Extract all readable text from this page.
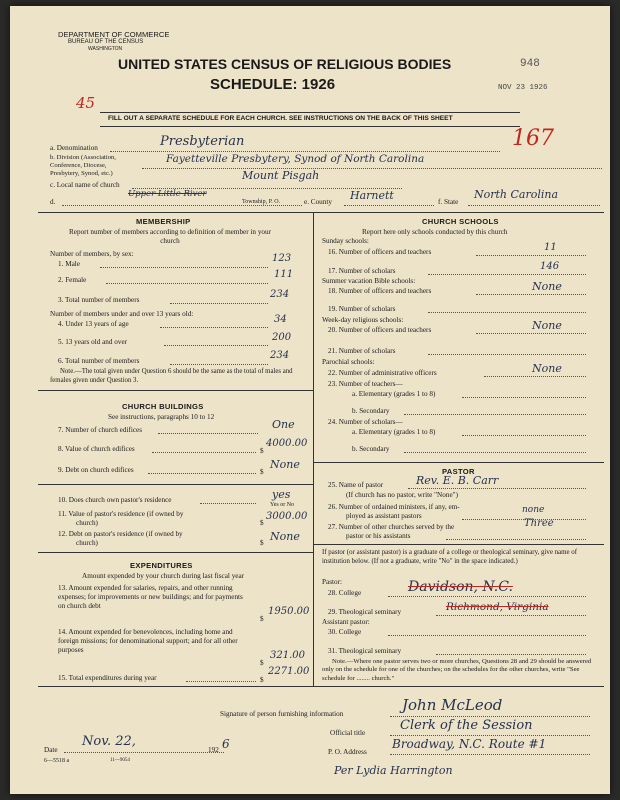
DEPARTMENT OF COMMERCE
BUREAU OF THE CENSUS
WASHINGTON
UNITED STATES CENSUS OF RELIGIOUS BODIES
SCHEDULE: 1926
948
NOV 23 1926
45
FILL OUT A SEPARATE SCHEDULE FOR EACH CHURCH. SEE INSTRUCTIONS ON THE BACK OF THIS SHEET
a. Denomination	Presbyterian	167
b. Division (Association, Conference, Diocese, Presbytery, Synod, etc.)
Fayetteville Presbytery, Synod of North Carolina
Mount Pisgah
c. Local name of church
d.
Upper Little River
Township, P. O.	e. County Harnett	f. State
North Carolina
MEMBERSHIP
Report number of members according to definition of member in your church
Number of members, by sex:
1. Male	123
2. Female	111
3. Total number of members	234
Number of members under and over 13 years old:
4. Under 13 years of age	34
5. 13 years old and over	200
6. Total number of members	234
Note.—The total given under Question 6 should be the same as the total of males and females given under Question 3.
CHURCH BUILDINGS
See instructions, paragraphs 10 to 12
7. Number of church edifices	One
8. Value of church edifices	$
4000.00
9. Debt on church edifices	$
None
10. Does church own pastor's residence	yes
Yes or No
11. Value of pastor's residence (if owned by
church)	$
3000.00
12. Debt on pastor's residence (if owned by
church)	$ None
EXPENDITURES
Amount expended by your church during last fiscal year
13. Amount expended for salaries, repairs, and other running expenses; for improvements or new buildings; and for payments on church debt
$
1950.00
14. Amount expended for benevolences, including home and foreign missions; for denominational support; and for all other purposes
$
321.00
15. Total expenditures during year	$
2271.00
CHURCH SCHOOLS
Report here only schools conducted by this church
Sunday schools:
16. Number of officers and teachers	11
17. Number of scholars	146
Summer vacation Bible schools:
18. Number of officers and teachers	None
19. Number of scholars
Week-day religious schools:
20. Number of officers and teachers	None
21. Number of scholars
Parochial schools:
22. Number of administrative officers	None
23. Number of teachers—
a. Elementary (grades 1 to 8)
b. Secondary
24. Number of scholars—
a. Elementary (grades 1 to 8)
b. Secondary
PASTOR
25. Name of pastor	Rev. E. B. Carr
(If church has no pastor, write "None")
26. Number of ordained ministers, if any, em-
ployed as assistant pastors
none
27. Number of other churches served by the
pastor or his assistants
Three
If pastor (or assistant pastor) is a graduate of a college or theological seminary, give name of institution below. (If not a graduate, write "No" in the space indicated.)
Pastor:
28. College	Davidson, N.C.
29. Theological seminary	Richmond, Virginia
Assistant pastor:
30. College
31. Theological seminary
Note.—Where one pastor serves two or more churches, Questions 28 and 29 should be answered only on the schedule for one of the churches; on the schedules for the other churches, write "See schedule for ........ church."
Signature of person furnishing information	John McLeod
Official title	Clerk of the Session
Date
Nov. 22,
192 6
P. O. Address
Broadway, N.C. Route #1
6—5518 a	11—9054
Per Lydia Harrington
